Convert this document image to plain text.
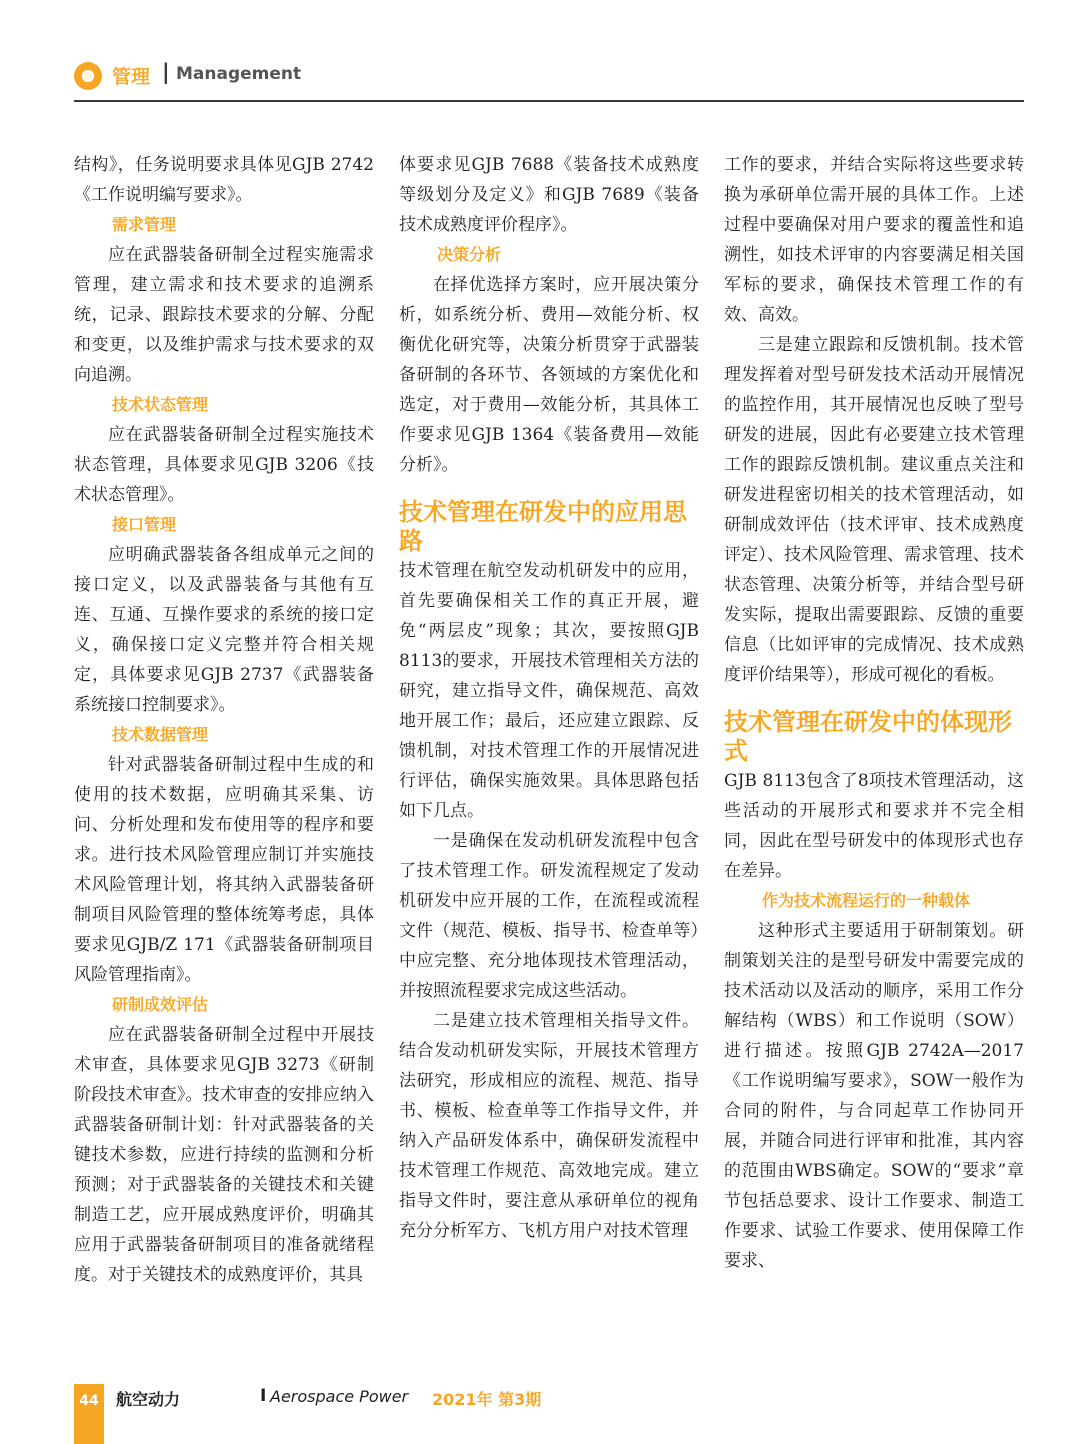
管理 | Management

结构》，任务说明要求具体见GJB 2742《工作说明编写要求》。

需求管理

应在武器装备研制全过程实施需求管理，建立需求和技术要求的追溯系统，记录、跟踪技术要求的分解、分配和变更，以及维护需求与技术要求的双向追溯。

技术状态管理

应在武器装备研制全过程实施技术状态管理，具体要求见GJB 3206《技术状态管理》。

接口管理

应明确武器装备各组成单元之间的接口定义，以及武器装备与其他有互连、互通、互操作要求的系统的接口定义，确保接口定义完整并符合相关规定，具体要求见GJB 2737《武器装备系统接口控制要求》。

技术数据管理

针对武器装备研制过程中生成的和使用的技术数据，应明确其采集、访问、分析处理和发布使用等的程序和要求。进行技术风险管理应制订并实施技术风险管理计划，将其纳入武器装备研制项目风险管理的整体统筹考虑，具体要求见GJB/Z 171《武器装备研制项目风险管理指南》。

研制成效评估

应在武器装备研制全过程中开展技术审查，具体要求见GJB 3273《研制阶段技术审查》。技术审查的安排应纳入武器装备研制计划：针对武器装备的关键技术参数，应进行持续的监测和分析预测；对于武器装备的关键技术和关键制造工艺，应开展成熟度评价，明确其应用于武器装备研制项目的准备就绪程度。对于关键技术的成熟度评价，其具

体要求见GJB 7688《装备技术成熟度等级划分及定义》和GJB 7689《装备技术成熟度评价程序》。

决策分析

在择优选择方案时，应开展决策分析，如系统分析、费用—效能分析、权衡优化研究等，决策分析贯穿于武器装备研制的各环节、各领域的方案优化和选定，对于费用—效能分析，其具体工作要求见GJB 1364《装备费用—效能分析》。

技术管理在研发中的应用思路

技术管理在航空发动机研发中的应用，首先要确保相关工作的真正开展，避免“两层皮”现象；其次，要按照GJB 8113的要求，开展技术管理相关方法的研究，建立指导文件，确保规范、高效地开展工作；最后，还应建立跟踪、反馈机制，对技术管理工作的开展情况进行评估，确保实施效果。具体思路包括如下几点。

一是确保在发动机研发流程中包含了技术管理工作。研发流程规定了发动机研发中应开展的工作，在流程或流程文件（规范、模板、指导书、检查单等）中应完整、充分地体现技术管理活动，并按照流程要求完成这些活动。

二是建立技术管理相关指导文件。结合发动机研发实际，开展技术管理方法研究，形成相应的流程、规范、指导书、模板、检查单等工作指导文件，并纳入产品研发体系中，确保研发流程中技术管理工作规范、高效地完成。建立指导文件时，要注意从承研单位的视角充分分析军方、飞机方用户对技术管理

工作的要求，并结合实际将这些要求转换为承研单位需开展的具体工作。上述过程中要确保对用户要求的覆盖性和追溯性，如技术评审的内容要满足相关国军标的要求，确保技术管理工作的有效、高效。

三是建立跟踪和反馈机制。技术管理发挥着对型号研发技术活动开展情况的监控作用，其开展情况也反映了型号研发的进展，因此有必要建立技术管理工作的跟踪反馈机制。建议重点关注和研发进程密切相关的技术管理活动，如研制成效评估（技术评审、技术成熟度评定）、技术风险管理、需求管理、技术状态管理、决策分析等，并结合型号研发实际，提取出需要跟踪、反馈的重要信息（比如评审的完成情况、技术成熟度评价结果等），形成可视化的看板。

技术管理在研发中的体现形式

GJB 8113包含了8项技术管理活动，这些活动的开展形式和要求并不完全相同，因此在型号研发中的体现形式也存在差异。

作为技术流程运行的一种载体

这种形式主要适用于研制策划。研制策划关注的是型号研发中需要完成的技术活动以及活动的顺序，采用工作分解结构（WBS）和工作说明（SOW）进行描述。按照GJB 2742A—2017《工作说明编写要求》，SOW一般作为合同的附件，与合同起草工作协同开展，并随合同进行评审和批准，其内容的范围由WBS确定。SOW的“要求”章节包括总要求、设计工作要求、制造工作要求、试验工作要求、使用保障工作要求、

44	航空动力	I Aerospace Power 2021年 第3期
